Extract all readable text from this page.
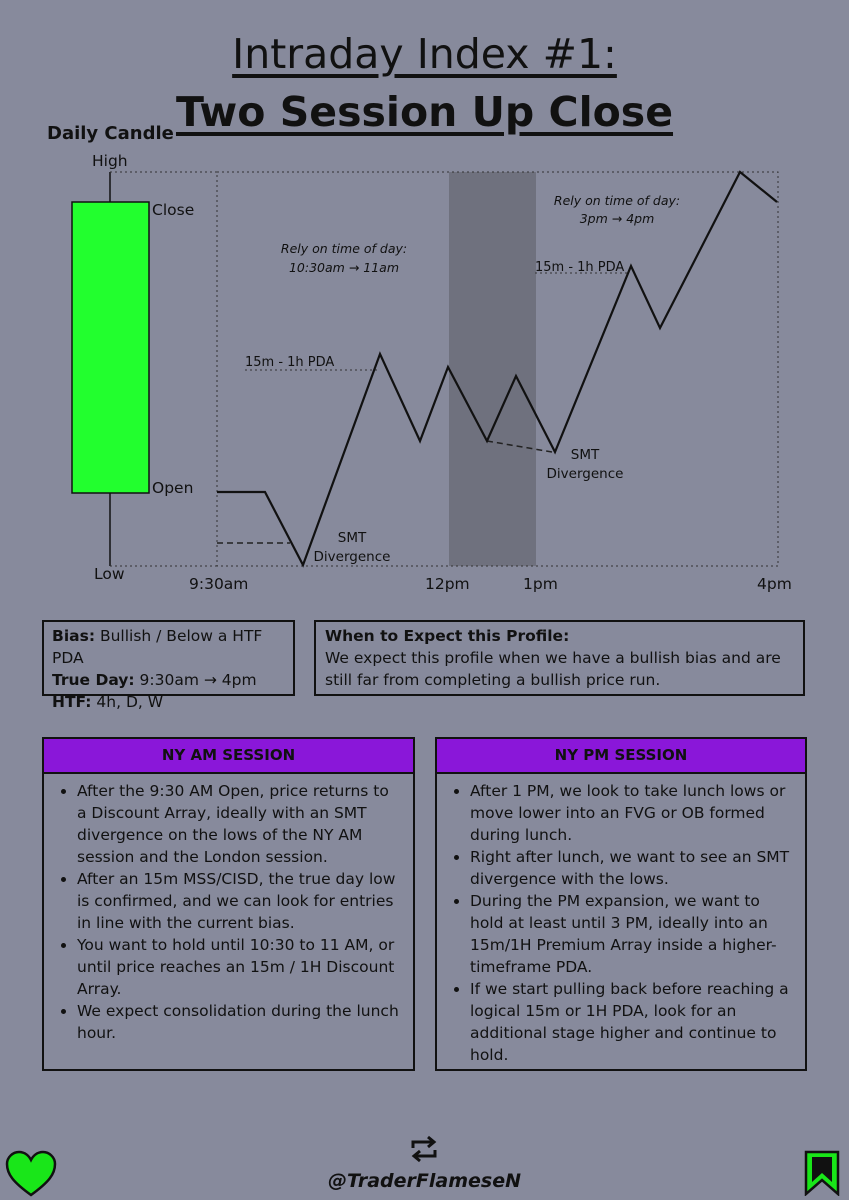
Intraday Index #1:
Two Session Up Close
Daily Candle
High
Close
Open
Low
9:30am	12pm	1pm	4pm
Rely on time of day:
10:30am → 11am
Rely on time of day:
3pm → 4pm
15m - 1h PDA
15m - 1h PDA
SMT
Divergence
SMT
Divergence
Bias: Bullish / Below a HTF PDA
True Day: 9:30am → 4pm
HTF: 4h, D, W
When to Expect this Profile:
We expect this profile when we have a bullish bias and are
still far from completing a bullish price run.
NY AM SESSION
• After the 9:30 AM Open, price returns to a Discount Array, ideally with an SMT divergence on the lows of the NY AM session and the London session.
• After an 15m MSS/CISD, the true day low is confirmed, and we can look for entries in line with the current bias.
• You want to hold until 10:30 to 11 AM, or until price reaches an 15m / 1H Discount Array.
• We expect consolidation during the lunch hour.
NY PM SESSION
• After 1 PM, we look to take lunch lows or move lower into an FVG or OB formed during lunch.
• Right after lunch, we want to see an SMT divergence with the lows.
• During the PM expansion, we want to hold at least until 3 PM, ideally into an 15m/1H Premium Array inside a higher-timeframe PDA.
• If we start pulling back before reaching a logical 15m or 1H PDA, look for an additional stage higher and continue to hold.
@TraderFlameseN
